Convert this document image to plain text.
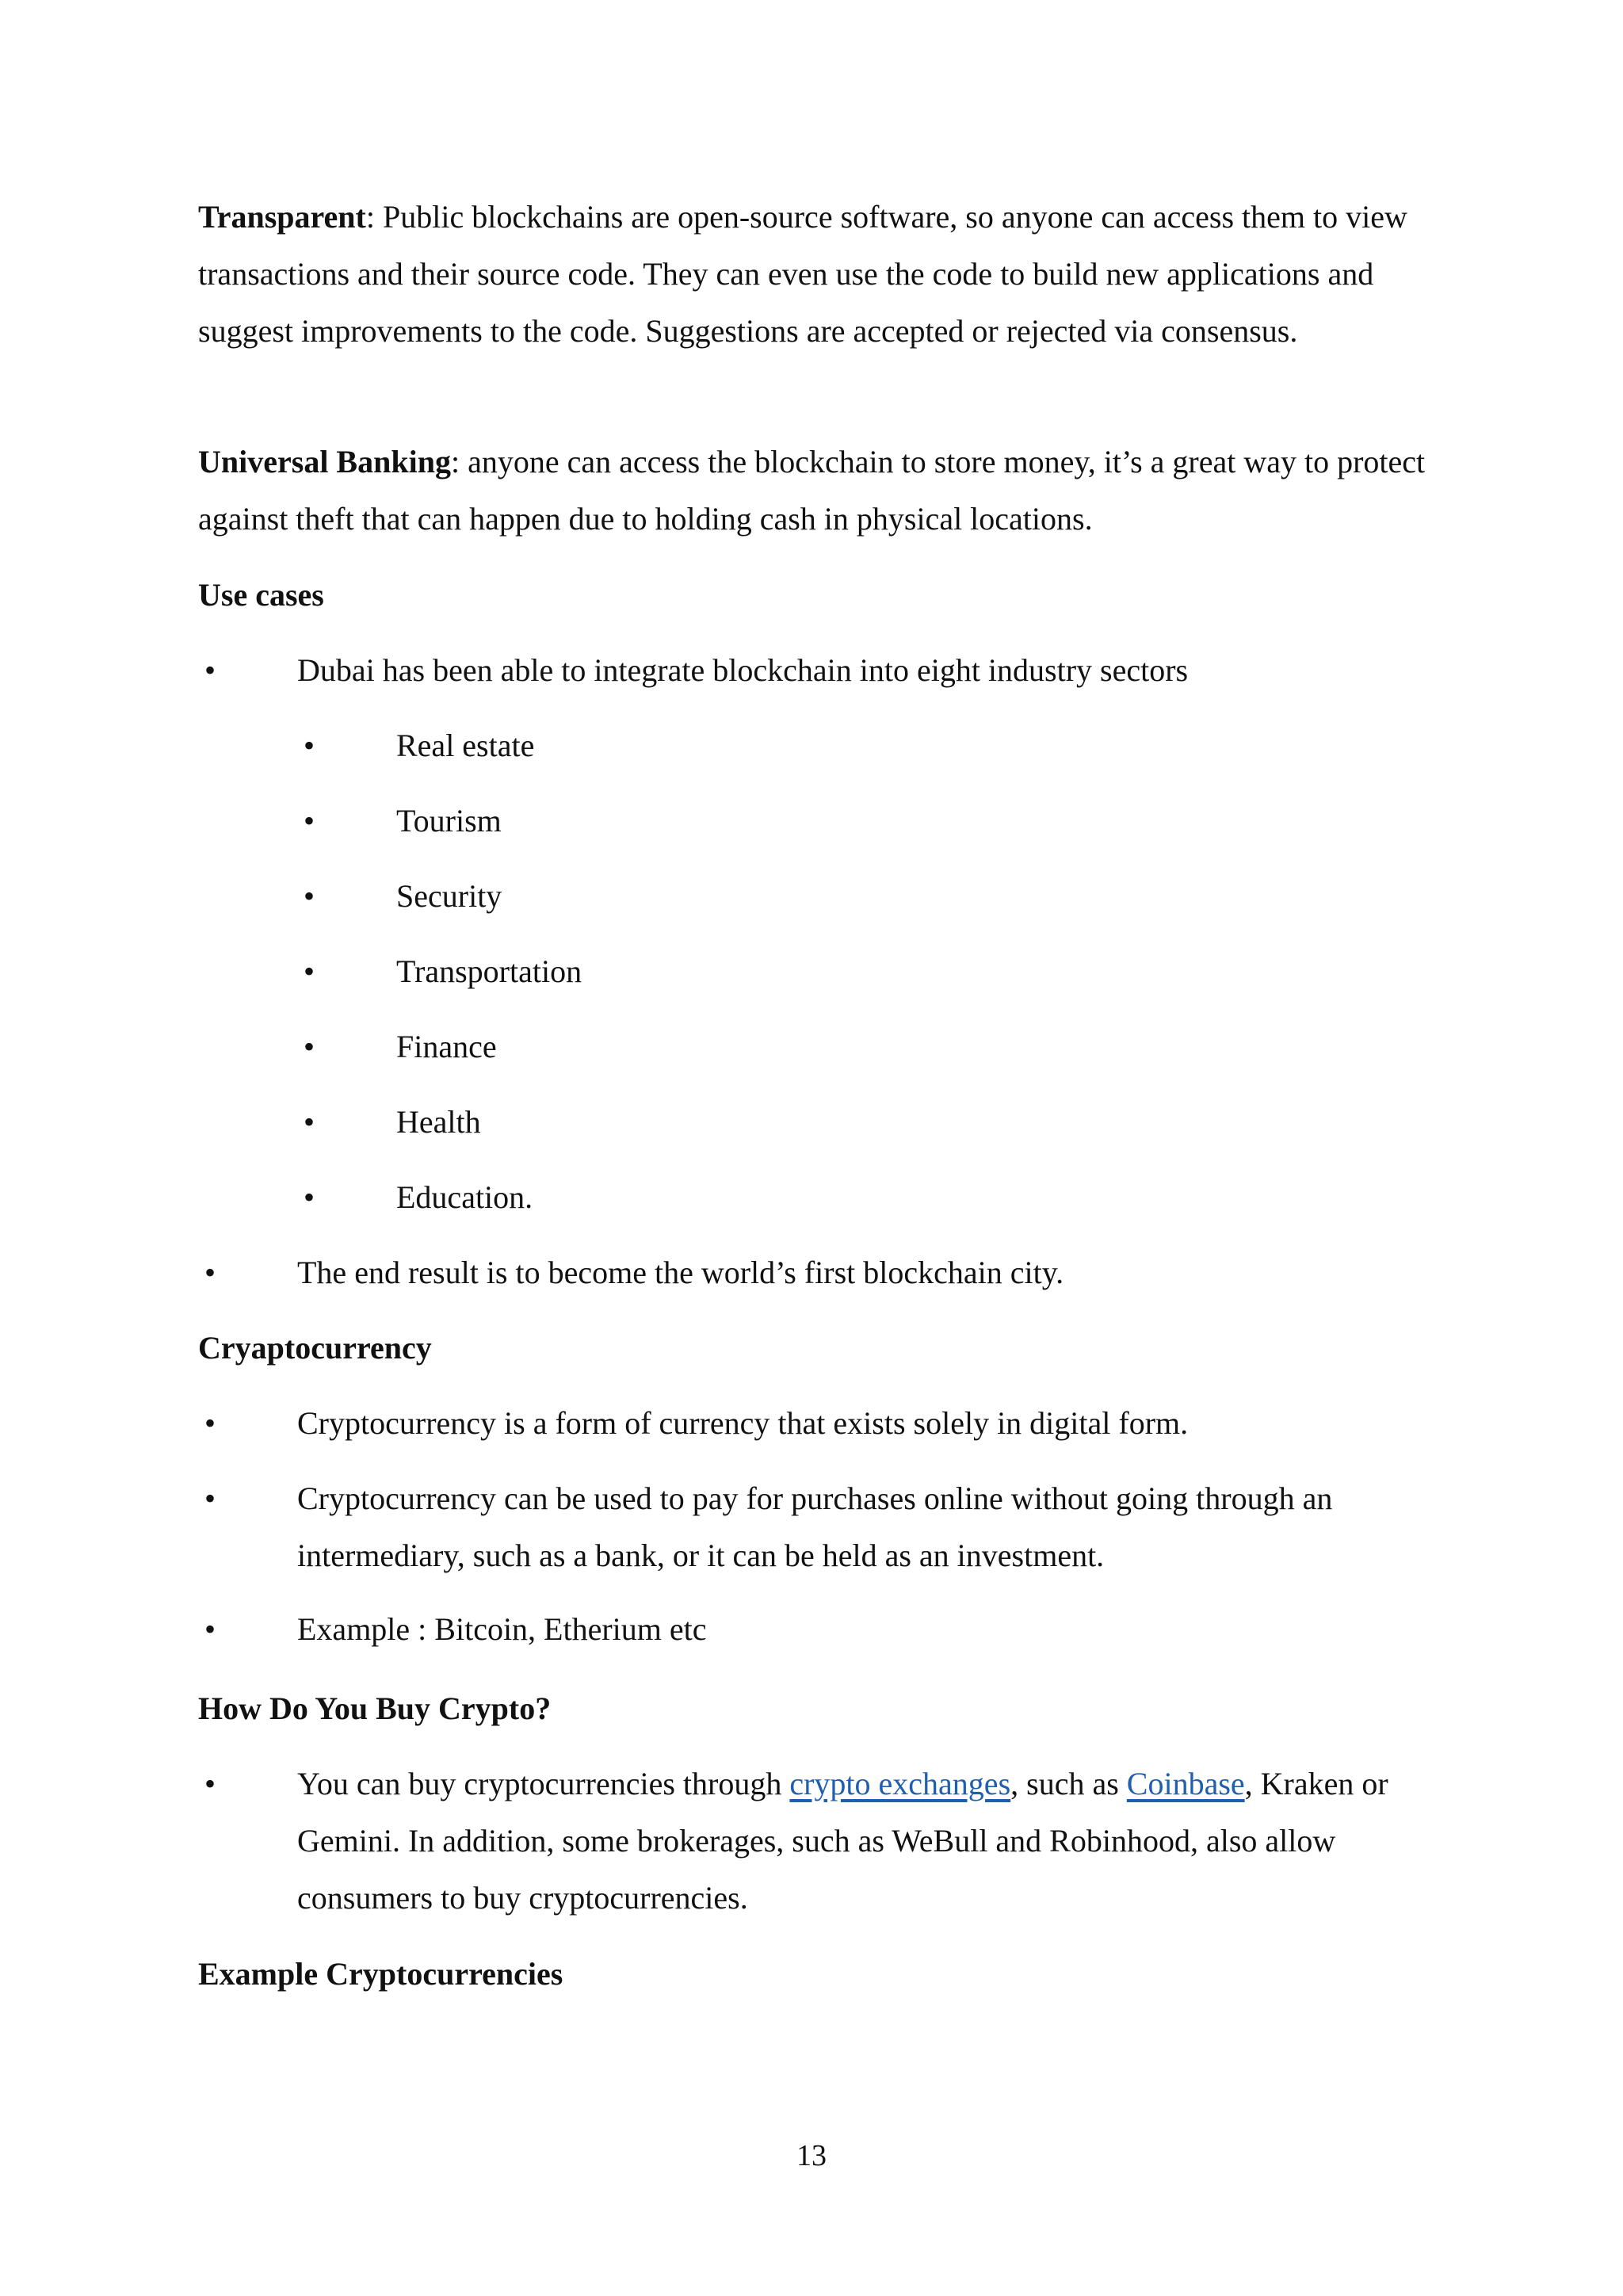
Transparent: Public blockchains are open-source software, so anyone can access them to view transactions and their source code. They can even use the code to build new applications and suggest improvements to the code. Suggestions are accepted or rejected via consensus.

Universal Banking: anyone can access the blockchain to store money, it’s a great way to protect against theft that can happen due to holding cash in physical locations.

Use cases
•	Dubai has been able to integrate blockchain into eight industry sectors
•	Real estate
•	Tourism
•	Security
•	Transportation
•	Finance
•	Health
•	Education.
•	The end result is to become the world’s first blockchain city.
Cryaptocurrency
•	Cryptocurrency is a form of currency that exists solely in digital form.
•	Cryptocurrency can be used to pay for purchases online without going through an intermediary, such as a bank, or it can be held as an investment.
•	Example : Bitcoin, Etherium etc
How Do You Buy Crypto?
•	You can buy cryptocurrencies through crypto exchanges, such as Coinbase, Kraken or Gemini. In addition, some brokerages, such as WeBull and Robinhood, also allow consumers to buy cryptocurrencies.
Example Cryptocurrencies
13
